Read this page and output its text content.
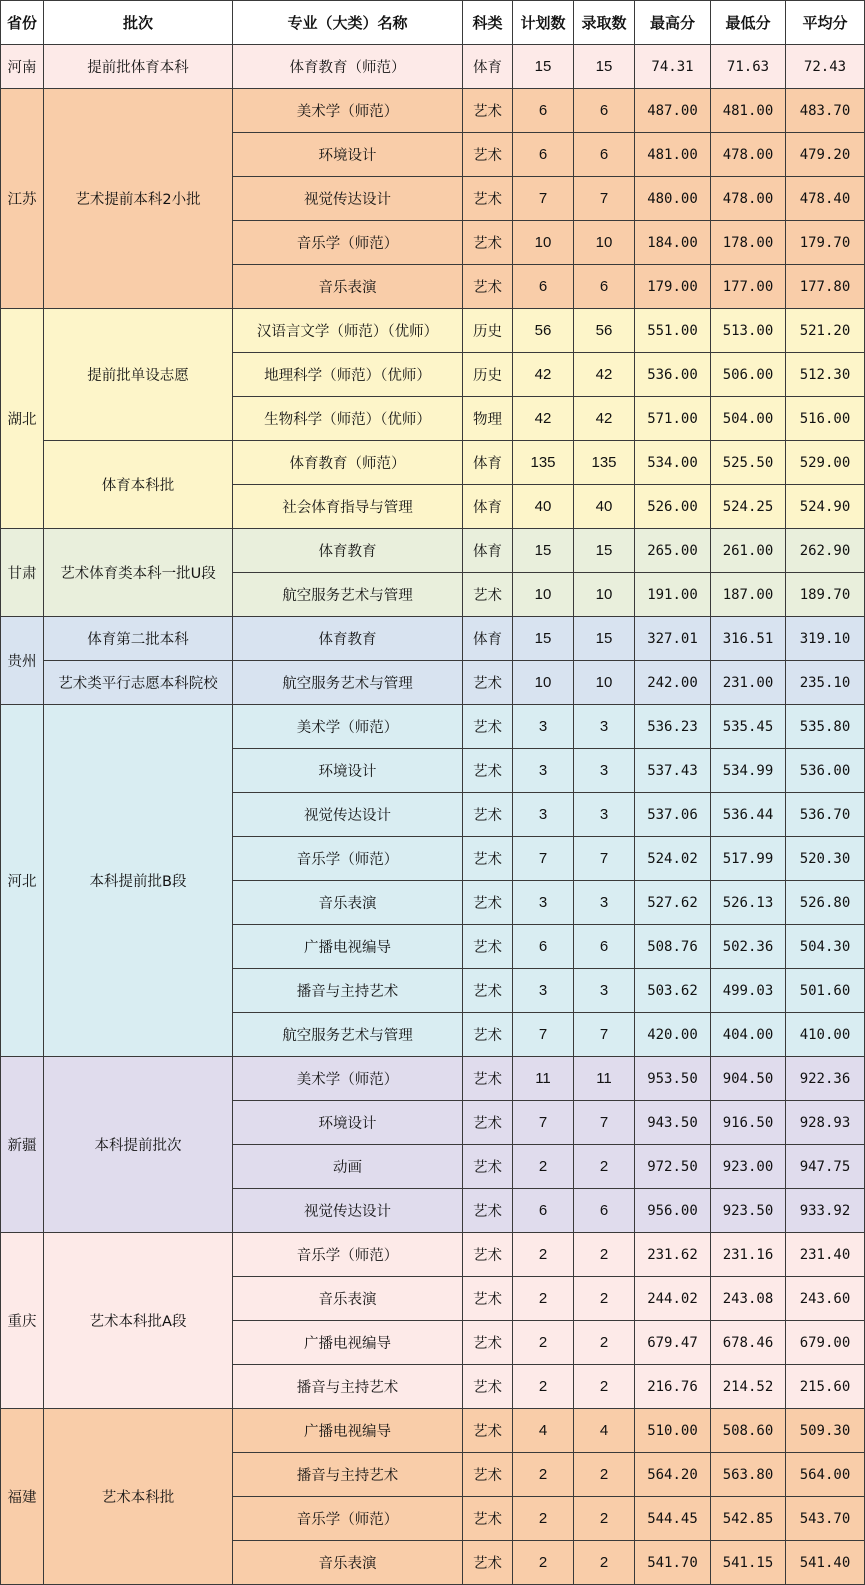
省份	批次	专业（大类）名称	科类	计划数	录取数	最高分	最低分	平均分
河南	提前批体育本科	体育教育（师范）	体育	15	15	74.31	71.63	72.43
江苏	艺术提前本科2小批	美术学（师范）	艺术	6	6	487.00	481.00	483.70
		环境设计	艺术	6	6	481.00	478.00	479.20
		视觉传达设计	艺术	7	7	480.00	478.00	478.40
		音乐学（师范）	艺术	10	10	184.00	178.00	179.70
		音乐表演	艺术	6	6	179.00	177.00	177.80
湖北	提前批单设志愿	汉语言文学（师范）（优师）	历史	56	56	551.00	513.00	521.20
		地理科学（师范）（优师）	历史	42	42	536.00	506.00	512.30
		生物科学（师范）（优师）	物理	42	42	571.00	504.00	516.00
	体育本科批	体育教育（师范）	体育	135	135	534.00	525.50	529.00
		社会体育指导与管理	体育	40	40	526.00	524.25	524.90
甘肃	艺术体育类本科一批U段	体育教育	体育	15	15	265.00	261.00	262.90
		航空服务艺术与管理	艺术	10	10	191.00	187.00	189.70
贵州	体育第二批本科	体育教育	体育	15	15	327.01	316.51	319.10
	艺术类平行志愿本科院校	航空服务艺术与管理	艺术	10	10	242.00	231.00	235.10
河北	本科提前批B段	美术学（师范）	艺术	3	3	536.23	535.45	535.80
		环境设计	艺术	3	3	537.43	534.99	536.00
		视觉传达设计	艺术	3	3	537.06	536.44	536.70
		音乐学（师范）	艺术	7	7	524.02	517.99	520.30
		音乐表演	艺术	3	3	527.62	526.13	526.80
		广播电视编导	艺术	6	6	508.76	502.36	504.30
		播音与主持艺术	艺术	3	3	503.62	499.03	501.60
		航空服务艺术与管理	艺术	7	7	420.00	404.00	410.00
新疆	本科提前批次	美术学（师范）	艺术	11	11	953.50	904.50	922.36
		环境设计	艺术	7	7	943.50	916.50	928.93
		动画	艺术	2	2	972.50	923.00	947.75
		视觉传达设计	艺术	6	6	956.00	923.50	933.92
重庆	艺术本科批A段	音乐学（师范）	艺术	2	2	231.62	231.16	231.40
		音乐表演	艺术	2	2	244.02	243.08	243.60
		广播电视编导	艺术	2	2	679.47	678.46	679.00
		播音与主持艺术	艺术	2	2	216.76	214.52	215.60
福建	艺术本科批	广播电视编导	艺术	4	4	510.00	508.60	509.30
		播音与主持艺术	艺术	2	2	564.20	563.80	564.00
		音乐学（师范）	艺术	2	2	544.45	542.85	543.70
		音乐表演	艺术	2	2	541.70	541.15	541.40
